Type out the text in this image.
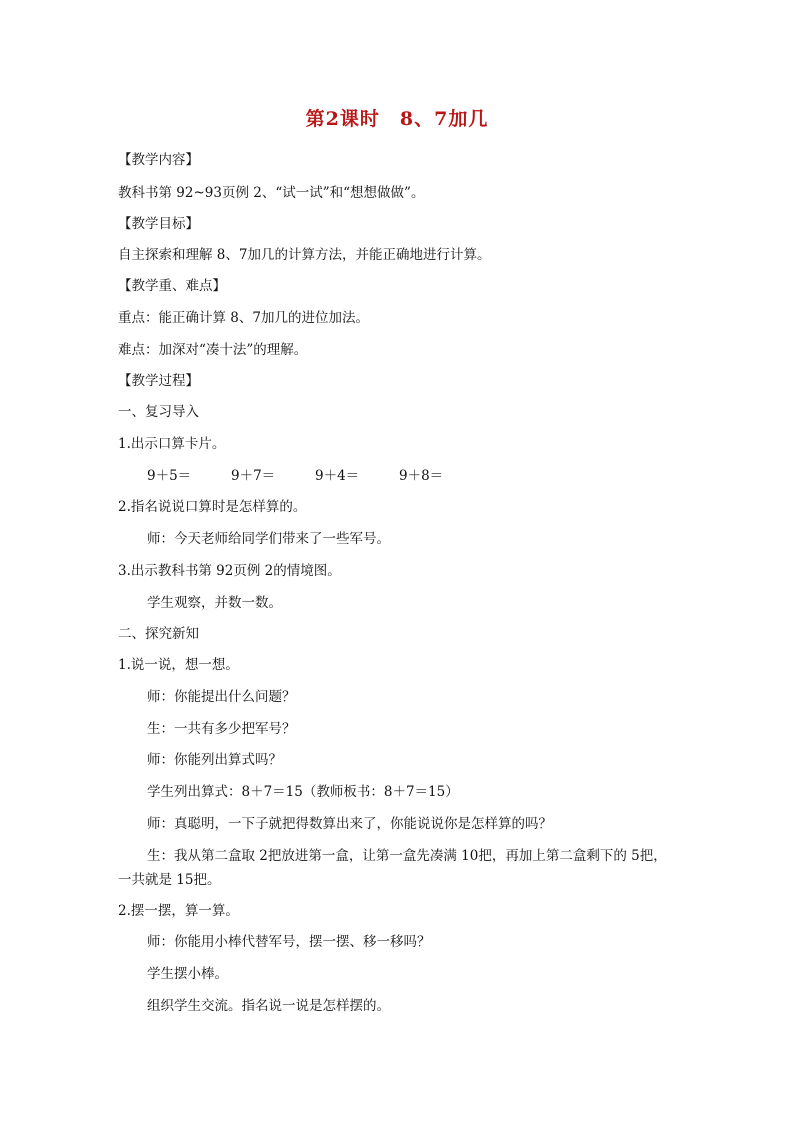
第2课时　8、7加几
【教学内容】
教科书第 92~93页例 2、“试一试”和“想想做做”。
【教学目标】
自主探索和理解 8、7加几的计算方法，并能正确地进行计算。
【教学重、难点】
重点：能正确计算 8、7加几的进位加法。
难点：加深对“凑十法”的理解。
【教学过程】
一、复习导入
1.出示口算卡片。
9＋5＝	9＋7＝	9＋4＝	9＋8＝
2.指名说说口算时是怎样算的。
师：今天老师给同学们带来了一些军号。
3.出示教科书第 92页例 2的情境图。
学生观察，并数一数。
二、探究新知
1.说一说，想一想。
师：你能提出什么问题？
生：一共有多少把军号？
师：你能列出算式吗？
学生列出算式：8＋7＝15（教师板书：8＋7＝15）
师：真聪明，一下子就把得数算出来了，你能说说你是怎样算的吗？
生：我从第二盒取 2把放进第一盒，让第一盒先凑满 10把，再加上第二盒剩下的 5把，
一共就是 15把。
2.摆一摆，算一算。
师：你能用小棒代替军号，摆一摆、移一移吗？
学生摆小棒。
组织学生交流。指名说一说是怎样摆的。
